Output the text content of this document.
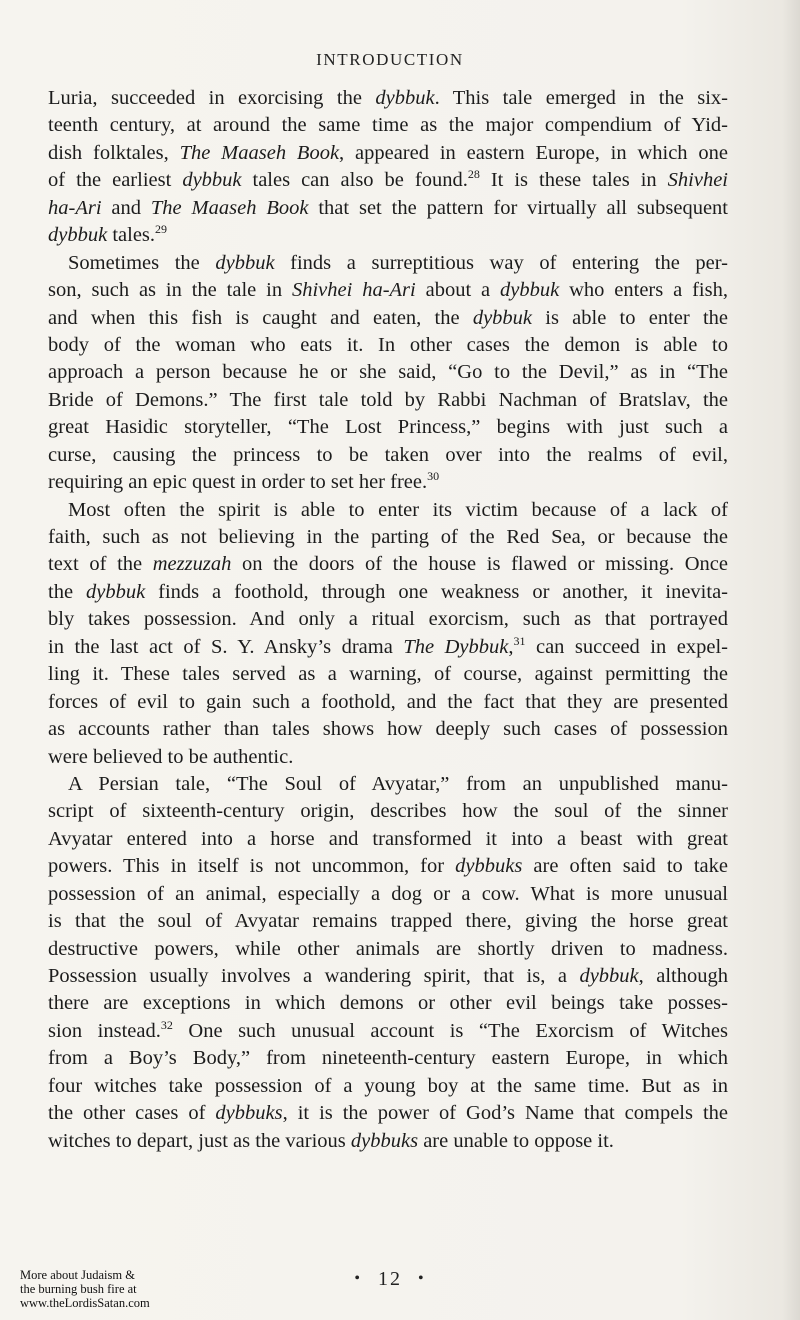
INTRODUCTION
Luria, succeeded in exorcising the dybbuk. This tale emerged in the six-
teenth century, at around the same time as the major compendium of Yid-
dish folktales, The Maaseh Book, appeared in eastern Europe, in which one
of the earliest dybbuk tales can also be found.$^{28}$ It is these tales in Shivhei
ha-Ari and The Maaseh Book that set the pattern for virtually all subsequent
dybbuk tales.$^{29}$
Sometimes the dybbuk finds a surreptitious way of entering the per-
son, such as in the tale in Shivhei ha-Ari about a dybbuk who enters a fish,
and when this fish is caught and eaten, the dybbuk is able to enter the
body of the woman who eats it. In other cases the demon is able to
approach a person because he or she said, “Go to the Devil,” as in “The
Bride of Demons.” The first tale told by Rabbi Nachman of Bratslav, the
great Hasidic storyteller, “The Lost Princess,” begins with just such a
curse, causing the princess to be taken over into the realms of evil,
requiring an epic quest in order to set her free.$^{30}$
Most often the spirit is able to enter its victim because of a lack of
faith, such as not believing in the parting of the Red Sea, or because the
text of the mezzuzah on the doors of the house is flawed or missing. Once
the dybbuk finds a foothold, through one weakness or another, it inevita-
bly takes possession. And only a ritual exorcism, such as that portrayed
in the last act of S. Y. Ansky’s drama The Dybbuk,$^{31}$ can succeed in expel-
ling it. These tales served as a warning, of course, against permitting the
forces of evil to gain such a foothold, and the fact that they are presented
as accounts rather than tales shows how deeply such cases of possession
were believed to be authentic.
A Persian tale, “The Soul of Avyatar,” from an unpublished manu-
script of sixteenth-century origin, describes how the soul of the sinner
Avyatar entered into a horse and transformed it into a beast with great
powers. This in itself is not uncommon, for dybbuks are often said to take
possession of an animal, especially a dog or a cow. What is more unusual
is that the soul of Avyatar remains trapped there, giving the horse great
destructive powers, while other animals are shortly driven to madness.
Possession usually involves a wandering spirit, that is, a dybbuk, although
there are exceptions in which demons or other evil beings take posses-
sion instead.$^{32}$ One such unusual account is “The Exorcism of Witches
from a Boy’s Body,” from nineteenth-century eastern Europe, in which
four witches take possession of a young boy at the same time. But as in
the other cases of dybbuks, it is the power of God’s Name that compels the
witches to depart, just as the various dybbuks are unable to oppose it.
• 12 •
More about Judaism &
the burning bush fire at
www.theLordisSatan.com
